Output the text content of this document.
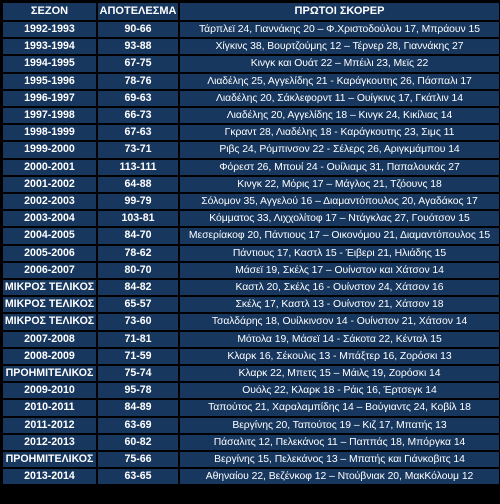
ΣΕΖΟΝ	ΑΠΟΤΕΛΕΣΜΑ	ΠΡΩΤΟΙ ΣΚΟΡΕΡ
1992-1993	90-66	Τάρπλεϊ 24, Γιαννάκης 20 – Φ.Χριστοδούλου 17, Μπράουν 15
1993-1994	93-88	Χίγκινς 38, Βουρτζούμης 12 – Τέρνερ 28, Γιαννάκης 27
1994-1995	67-75	Κινγκ και Ουάτ 22 – Μπέιλι 23, Μεϊς 22
1995-1996	78-76	Λιαδέλης 25, Αγγελίδης 21 - Καράγκουτης 26, Πάσπαλι 17
1996-1997	69-63	Λιαδέλης 20, Σάκλεφορντ 11 – Ουίγκινς 17, Γκάτλιν 14
1997-1998	66-73	Λιαδέλης 20, Αγγελίδης 18 – Κινγκ 24, Κικίλιας 14
1998-1999	67-63	Γκραντ 28, Λιαδέλης 18 - Καράγκουτης 23, Σιμς 11
1999-2000	73-71	Ριβς 24, Ρόμπινσον 22 - Σέλερς 26, Αριγκμάμπου 14
2000-2001	113-111	Φόρεστ 26, Μπουί 24 - Ουίλιαμς 31, Παπαλουκάς 27
2001-2002	64-88	Κινγκ 22, Μόρις 17 – Μάγλος 21, Τζόουνς 18
2002-2003	99-79	Σόλομον 35, Αγγελού 16 – Διαμαντόπουλος 20, Αγαδάκος 17
2003-2004	103-81	Κόμματος 33, Λιχχολίτοφ 17 – Ντάγκλας 27, Γουότσον 15
2004-2005	84-70	Μεσερίακοφ 20, Πάντιους 17 – Οικονόμου 21, Διαμαντόπουλος 15
2005-2006	78-62	Πάντιους 17, Καστλ 15 - Έιβερι 21, Ηλιάδης 15
2006-2007	80-70	Μάσεϊ 19, Σκέλς 17 – Ουίνστον και Χάτσον 14
ΜΙΚΡΟΣ ΤΕΛΙΚΟΣ	84-82	Καστλ 20, Σκέλς 16 - Ουίνστον 24, Χάτσον 16
ΜΙΚΡΟΣ ΤΕΛΙΚΟΣ	65-57	Σκέλς 17, Καστλ 13 - Ουίνστον 21, Χάτσον 18
ΜΙΚΡΟΣ ΤΕΛΙΚΟΣ	73-60	Τσαλδάρης 18, Ουίλκινσον 14 - Ουίνστον 21, Χάτσον 14
2007-2008	71-81	Μότολα 19, Μάσεϊ 14 - Σάκοτα 22, Κένταλ 15
2008-2009	71-59	Κλαρκ 16, Σέκουλις 13 - Μπάξτερ 16, Ζορόσκι 13
ΠΡΟΗΜΙΤΕΛΙΚΟΣ	75-74	Κλαρκ 22, Μπετς 15 – Μάιλς 19, Ζορόσκι 14
2009-2010	95-78	Ουόλς 22, Κλαρκ 18 - Ράις 16, Έρτσεγκ 14
2010-2011	84-89	Ταπούτος 21, Χαραλαμπίδης 14 – Βούγιαντς 24, Κοβίλ 18
2011-2012	63-69	Βεργίνης 20, Ταπούτος 19 – Κιζ 17, Μπατής 13
2012-2013	60-82	Πάσαλιτς 12, Πελεκάνος 11 – Παππάς 18, Μπόργκα 14
ΠΡΟΗΜΙΤΕΛΙΚΟΣ	75-66	Βεργίνης 15, Πελεκάνος 13 – Μπατής και Γιάνκοβιτς 14
2013-2014	63-65	Αθηναίου 22, Βεζένκοφ 12 – Ντούβνιακ 20, ΜακΚόλουμ 12
